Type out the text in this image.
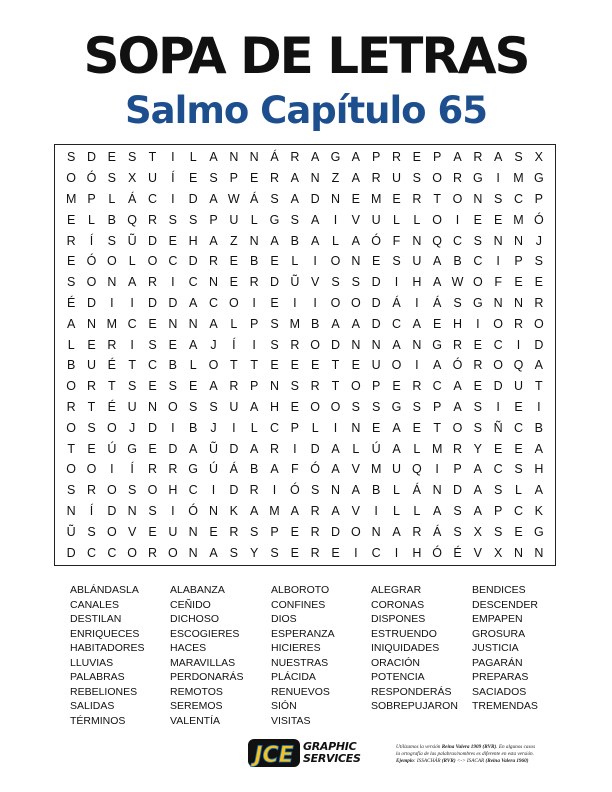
SOPA DE LETRAS
Salmo Capítulo 65
S D E S T	I	L	A N N Á R A G A P R E P A R A S X
O Ó S X U	Í	E S P E R A N Z A R U S O R G	I	M G
M P	L	Á C	I	D A W Á S A D N E M E R T O N S C P
E	L	B Q R S S P U L G S A	I	V U L	L O	I	E E M Ó
R	Í	S Ũ D E H A Z N A B A	L	A Ó F N Q C S N N	J
E Ó O L O C D R E B E	L	I	O N E S U A B C	I	P S
S O N A R	I	C N E R D Ũ V S S D	I	H A W O F E E
É D	I	I	D D A C O	I	E	I	I	O O D Á	I	Á S G N N R
A N M C E N N A	L	P S M B A A D C A E H	I	O R O
L	E R	I	S E A	J	Í	I	S R O D N N A N G R E C	I	D
B U É T C B	L O T	T E E E T E U O	I	A Ó R O Q A
O R T S E S E A R P N S R T O P E R C A E D U T
R T É U N O S S U A H E O O S S G S P A S	I	E	I
O S O J	D	I	B	J	I	L C P	L	I	N E A E T O S Ñ C B
T E Ú G E D A Ũ D A R	I	D A	L Ú A	L M R Y E E A
O O	I	Í	R R G Ú Á B A F Ó A V M U Q	I	P A C S H
S R O S O H C	I	D R	I	Ó S N A B	L	Á N D A S	L	A
N	Í	D N S	I	Ó N K A M A R A V	I	L	L	A S A P C K
Ũ S O V E U N E R S P E R D O N A R Á S X S E G
D C C O R O N A S Y S E R E	I	C	I	H Ó É V X N N
ABLÁNDASLA
CANALES
DESTILAN
ENRIQUECES
HABITADORES
LLUVIAS
PALABRAS
REBELIONES
SALIDAS
TÉRMINOS
ALABANZA
CEÑIDO
DICHOSO
ESCOGIERES
HACES
MARAVILLAS
PERDONARÁS
REMOTOS
SEREMOS
VALENTÍA
ALBOROTO
CONFINES
DIOS
ESPERANZA
HICIERES
NUESTRAS
PLÁCIDA
RENUEVOS
SIÓN
VISITAS
ALEGRAR
CORONAS
DISPONES
ESTRUENDO
INIQUIDADES
ORACIÓN
POTENCIA
RESPONDERÁS
SOBREPUJARON
BENDICES
DESCENDER
EMPAPEN
GROSURA
JUSTICIA
PAGARÁN
PREPARAS
SACIADOS
TREMENDAS
JCE GRAPHIC
SERVICES
Utilizamos la versión Reina Valera 1909 (RVR). En algunos casos
la ortografía de las palabras/nombres es diferente en esta versión.
Ejemplo: ISSACHÁR (RVR) <-> ISACAR (Reina Valera 1960)
